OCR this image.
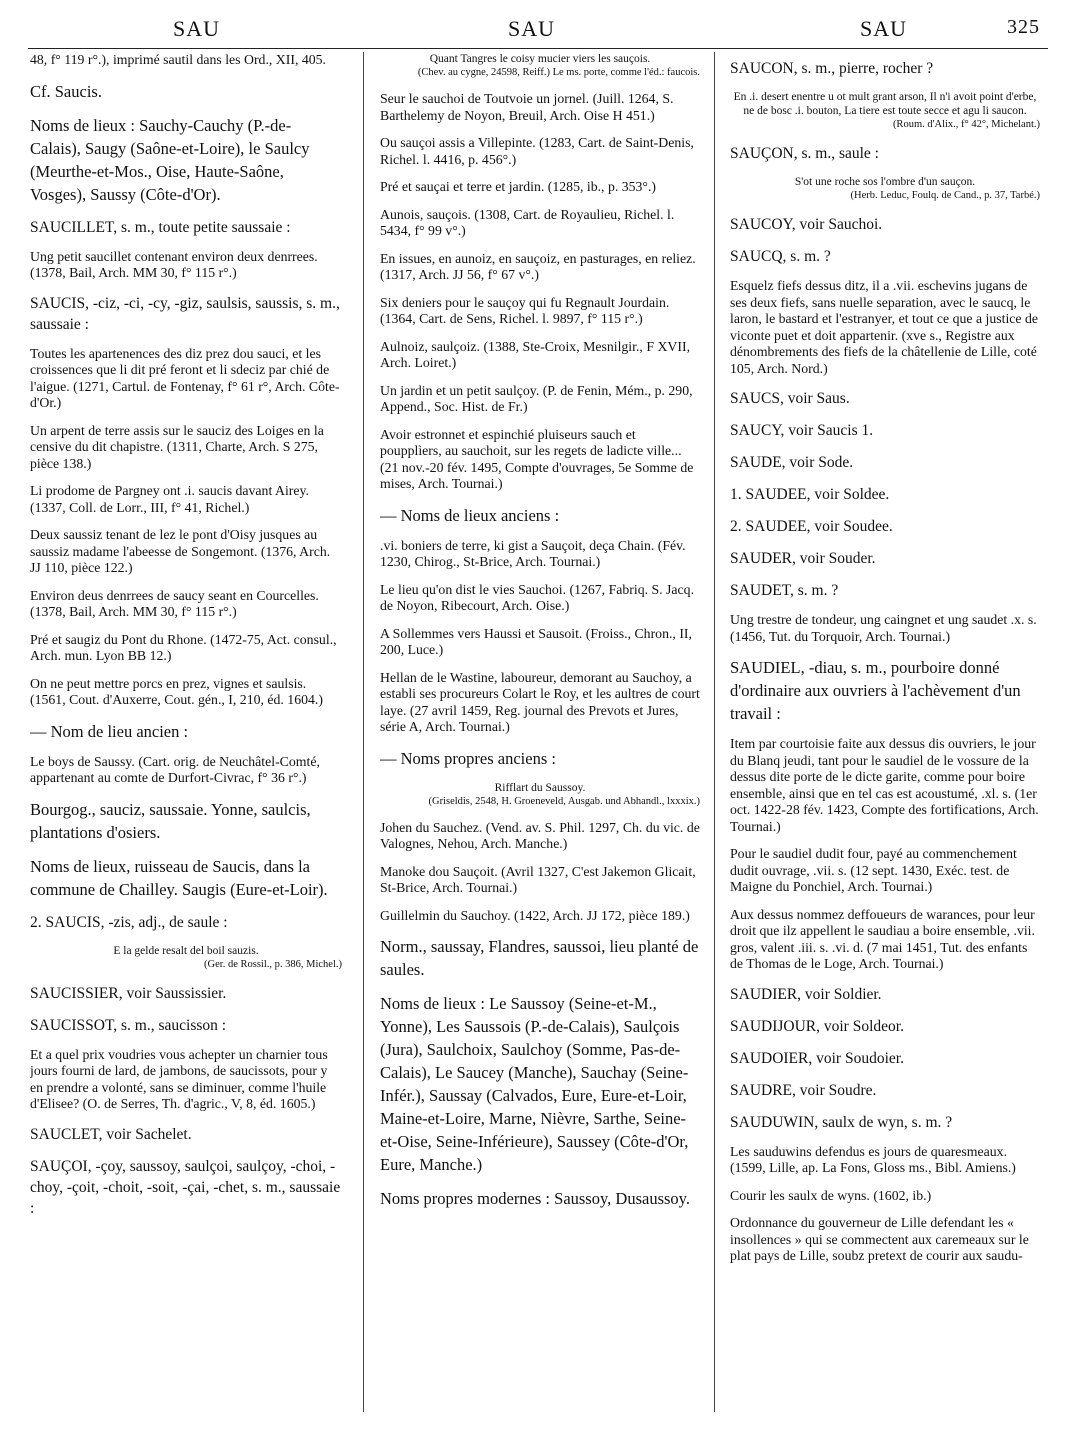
SAU	SAU	SAU	325
48, f° 119 r°.), imprimé sautil dans les Ord., XII, 405.
Cf. Saucis.
Noms de lieux : Sauchy-Cauchy (P.-de-Calais), Saugy (Saône-et-Loire), le Saulcy (Meurthe-et-Mos., Oise, Haute-Saône, Vosges), Saussy (Côte-d'Or).
SAUCILLET, s. m., toute petite saussaie :
Ung petit saucillet contenant environ deux denrrees. (1378, Bail, Arch. MM 30, f° 115 r°.)
SAUCIS, -ciz, -ci, -cy, -giz, saulsis, saussis, s. m., saussaie :
Toutes les apartenences des diz prez dou sauci, et les croissences que li dit pré feront et li sdeciz par chié de l'aigue. (1271, Cartul. de Fontenay, f° 61 r°, Arch. Côte-d'Or.)
Un arpent de terre assis sur le sauciz des Loiges en la censive du dit chapistre. (1311, Charte, Arch. S 275, pièce 138.)
Li prodome de Pargney ont .i. saucis davant Airey. (1337, Coll. de Lorr., III, f° 41, Richel.)
Deux saussiz tenant de lez le pont d'Oisy jusques au saussiz madame l'abeesse de Songemont. (1376, Arch. JJ 110, pièce 122.)
Environ deus denrrees de saucy seant en Courcelles. (1378, Bail, Arch. MM 30, f° 115 r°.)
Pré et saugiz du Pont du Rhone. (1472-75, Act. consul., Arch. mun. Lyon BB 12.)
On ne peut mettre porcs en prez, vignes et saulsis. (1561, Cout. d'Auxerre, Cout. gén., I, 210, éd. 1604.)
— Nom de lieu ancien :
Le boys de Saussy. (Cart. orig. de Neuchâtel-Comté, appartenant au comte de Durfort-Civrac, f° 36 r°.)
Bourgog., sauciz, saussaie. Yonne, saulcis, plantations d'osiers.
Noms de lieux, ruisseau de Saucis, dans la commune de Chailley. Saugis (Eure-et-Loir).
2. SAUCIS, -zis, adj., de saule :
E la gelde resalt del boil sauzis.
(Ger. de Rossil., p. 386, Michel.)
SAUCISSIER, voir Saussissier.
SAUCISSOT, s. m., saucisson :
Et a quel prix voudries vous achepter un charnier tous jours fourni de lard, de jambons, de saucissots, pour y en prendre a volonté, sans se diminuer, comme l'huile d'Elisee? (O. de Serres, Th. d'agric., V, 8, éd. 1605.)
SAUCLET, voir Sachelet.
SAUÇOI, -çoy, saussoy, saulçoi, saulçoy, -choi, -choy, -çoit, -choit, -soit, -çai, -chet, s. m., saussaie :
Quant Tangres le coisy mucier viers les sauçois.
(Chev. au cygne, 24598, Reiff.) Le ms. porte, comme l'éd.: faucois.
Seur le sauchoi de Toutvoie un jornel. (Juill. 1264, S. Barthelemy de Noyon, Breuil, Arch. Oise H 451.)
Ou sauçoi assis a Villepinte. (1283, Cart. de Saint-Denis, Richel. l. 4416, p. 456°.)
Pré et sauçai et terre et jardin. (1285, ib., p. 353°.)
Aunois, sauçois. (1308, Cart. de Royaulieu, Richel. l. 5434, f° 99 v°.)
En issues, en aunoiz, en sauçoiz, en pasturages, en reliez. (1317, Arch. JJ 56, f° 67 v°.)
Six deniers pour le sauçoy qui fu Regnault Jourdain. (1364, Cart. de Sens, Richel. l. 9897, f° 115 r°.)
Aulnoiz, saulçoiz. (1388, Ste-Croix, Mesnilgir., F XVII, Arch. Loiret.)
Un jardin et un petit saulçoy. (P. de Fenin, Mém., p. 290, Append., Soc. Hist. de Fr.)
Avoir estronnet et espinchié pluiseurs sauch et poupplìers, au sauchoit, sur les regets de ladicte ville... (21 nov.-20 fév. 1495, Compte d'ouvrages, 5e Somme de mises, Arch. Tournai.)
— Noms de lieux anciens :
.vi. boniers de terre, ki gist a Sauçoit, deça Chain. (Fév. 1230, Chirog., St-Brice, Arch. Tournai.)
Le lieu qu'on dist le vies Sauchoi. (1267, Fabriq. S. Jacq. de Noyon, Ribecourt, Arch. Oise.)
A Sollemmes vers Haussi et Sausoit. (Froiss., Chron., II, 200, Luce.)
Hellan de le Wastine, laboureur, demorant au Sauchoy, a establi ses procureurs Colart le Roy, et les aultres de court laye. (27 avril 1459, Reg. journal des Prevots et Jures, série A, Arch. Tournai.)
— Noms propres anciens :
Rifflart du Saussoy.
(Griseldis, 2548, H. Groeneveld, Ausgab. und Abhandl., lxxxix.)
Johen du Sauchez. (Vend. av. S. Phil. 1297, Ch. du vic. de Valognes, Nehou, Arch. Manche.)
Manoke dou Sauçoit. (Avril 1327, C'est Jakemon Glicait, St-Brice, Arch. Tournai.)
Guillelmin du Sauchoy. (1422, Arch. JJ 172, pièce 189.)
Norm., saussay, Flandres, saussoi, lieu planté de saules.
Noms de lieux : Le Saussoy (Seine-et-M., Yonne), Les Saussois (P.-de-Calais), Saulçois (Jura), Saulchoix, Saulchoy (Somme, Pas-de-Calais), Le Saucey (Manche), Sauchay (Seine-Infér.), Saussay (Calvados, Eure, Eure-et-Loir, Maine-et-Loire, Marne, Nièvre, Sarthe, Seine-et-Oise, Seine-Inférieure), Saussey (Côte-d'Or, Eure, Manche.)
Noms propres modernes : Saussoy, Dusaussoy.
SAUCON, s. m., pierre, rocher ?
En .i. desert enentre u ot mult grant arson, Il n'i avoit point d'erbe, ne de bosc .i. bouton, La tiere est toute secce et agu li saucon.
(Roum. d'Alix., f° 42°, Michelant.)
SAUÇON, s. m., saule :
S'ot une roche sos l'ombre d'un sauçon.
(Herb. Leduc, Foulq. de Cand., p. 37, Tarbé.)
SAUCOY, voir Sauchoi.
SAUCQ, s. m. ?
Esquelz fiefs dessus ditz, il a .vii. eschevins jugans de ses deux fiefs, sans nuelle separation, avec le saucq, le laron, le bastard et l'estranyer, et tout ce que a justice de viconte puet et doit appartenir. (xve s., Registre aux dénombrements des fiefs de la châtellenie de Lille, coté 105, Arch. Nord.)
SAUCS, voir Saus.
SAUCY, voir Saucis 1.
SAUDE, voir Sode.
1. SAUDEE, voir Soldee.
2. SAUDEE, voir Soudee.
SAUDER, voir Souder.
SAUDET, s. m. ?
Ung trestre de tondeur, ung caingnet et ung saudet .x. s. (1456, Tut. du Torquoir, Arch. Tournai.)
SAUDIEL, -diau, s. m., pourboire donné d'ordinaire aux ouvriers à l'achèvement d'un travail :
Item par courtoisie faite aux dessus dis ouvriers, le jour du Blanq jeudi, tant pour le saudiel de le vossure de la dessus dite porte de le dicte garite, comme pour boire ensemble, ainsi que en tel cas est acoustumé, .xl. s. (1er oct. 1422-28 fév. 1423, Compte des fortifications, Arch. Tournai.)
Pour le saudiel dudit four, payé au commenchement dudit ouvrage, .vii. s. (12 sept. 1430, Exéc. test. de Maigne du Ponchiel, Arch. Tournai.)
Aux dessus nommez deffoueurs de warances, pour leur droit que ilz appellent le saudiau a boire ensemble, .vii. gros, valent .iii. s. .vi. d. (7 mai 1451, Tut. des enfants de Thomas de le Loge, Arch. Tournai.)
SAUDIER, voir Soldier.
SAUDIJOUR, voir Soldeor.
SAUDOIER, voir Soudoier.
SAUDRE, voir Soudre.
SAUDUWIN, saulx de wyn, s. m. ?
Les sauduwins defendus es jours de quaresmeaux. (1599, Lille, ap. La Fons, Gloss ms., Bibl. Amiens.)
Courir les saulx de wyns. (1602, ib.)
Ordonnance du gouverneur de Lille defendant les « insollences » qui se commectent aux caremeaux sur le plat pays de Lille, soubz pretext de courir aux saudu-
